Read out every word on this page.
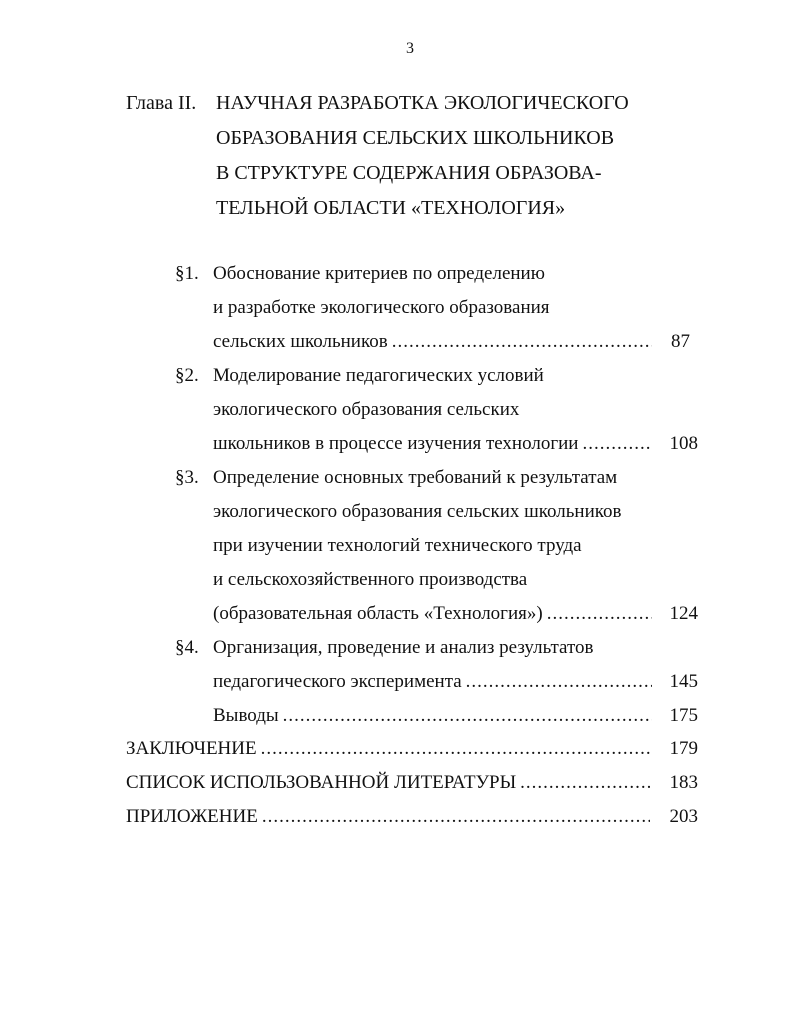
3
Глава II. НАУЧНАЯ РАЗРАБОТКА ЭКОЛОГИЧЕСКОГО
ОБРАЗОВАНИЯ СЕЛЬСКИХ ШКОЛЬНИКОВ
В СТРУКТУРЕ СОДЕРЖАНИЯ ОБРАЗОВА-
ТЕЛЬНОЙ ОБЛАСТИ «ТЕХНОЛОГИЯ»
§1. Обоснование критериев по определению
и разработке экологического образования
сельских школьников .....	87
§2. Моделирование педагогических условий
экологического образования сельских
школьников в процессе изучения технологии .....	108
§3. Определение основных требований к результатам
экологического образования сельских школьников
при изучении технологий технического труда
и сельскохозяйственного производства
(образовательная область «Технология») .....	124
§4. Организация, проведение и анализ результатов
педагогического эксперимента .....	145
Выводы .....	175
ЗАКЛЮЧЕНИЕ .....	179
СПИСОК ИСПОЛЬЗОВАННОЙ ЛИТЕРАТУРЫ .....	183
ПРИЛОЖЕНИЕ .....	203
